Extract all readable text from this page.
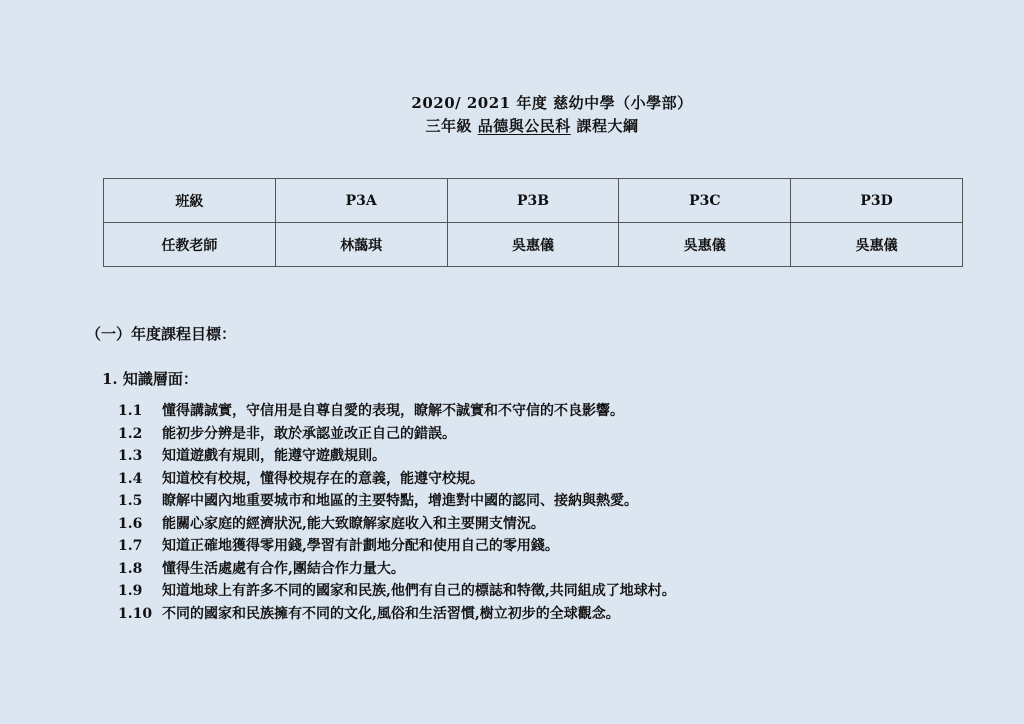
2020/ 2021 年度 慈幼中學（小學部）
三年級 品德與公民科 課程大綱
班級	P3A	P3B	P3C	P3D
任教老師	林藹琪	吳惠儀	吳惠儀	吳惠儀
（一）年度課程目標：
1. 知識層面：
1.1	懂得講誠實，守信用是自尊自愛的表現，瞭解不誠實和不守信的不良影響。
1.2	能初步分辨是非，敢於承認並改正自己的錯誤。
1.3	知道遊戲有規則，能遵守遊戲規則。
1.4	知道校有校規，懂得校規存在的意義，能遵守校規。
1.5	瞭解中國內地重要城市和地區的主要特點，增進對中國的認同、接納與熱愛。
1.6	能關心家庭的經濟狀況,能大致瞭解家庭收入和主要開支情況。
1.7	知道正確地獲得零用錢,學習有計劃地分配和使用自己的零用錢。
1.8	懂得生活處處有合作,團結合作力量大。
1.9	知道地球上有許多不同的國家和民族,他們有自己的標誌和特徵,共同組成了地球村。
1.10 不同的國家和民族擁有不同的文化,風俗和生活習慣,樹立初步的全球觀念。
